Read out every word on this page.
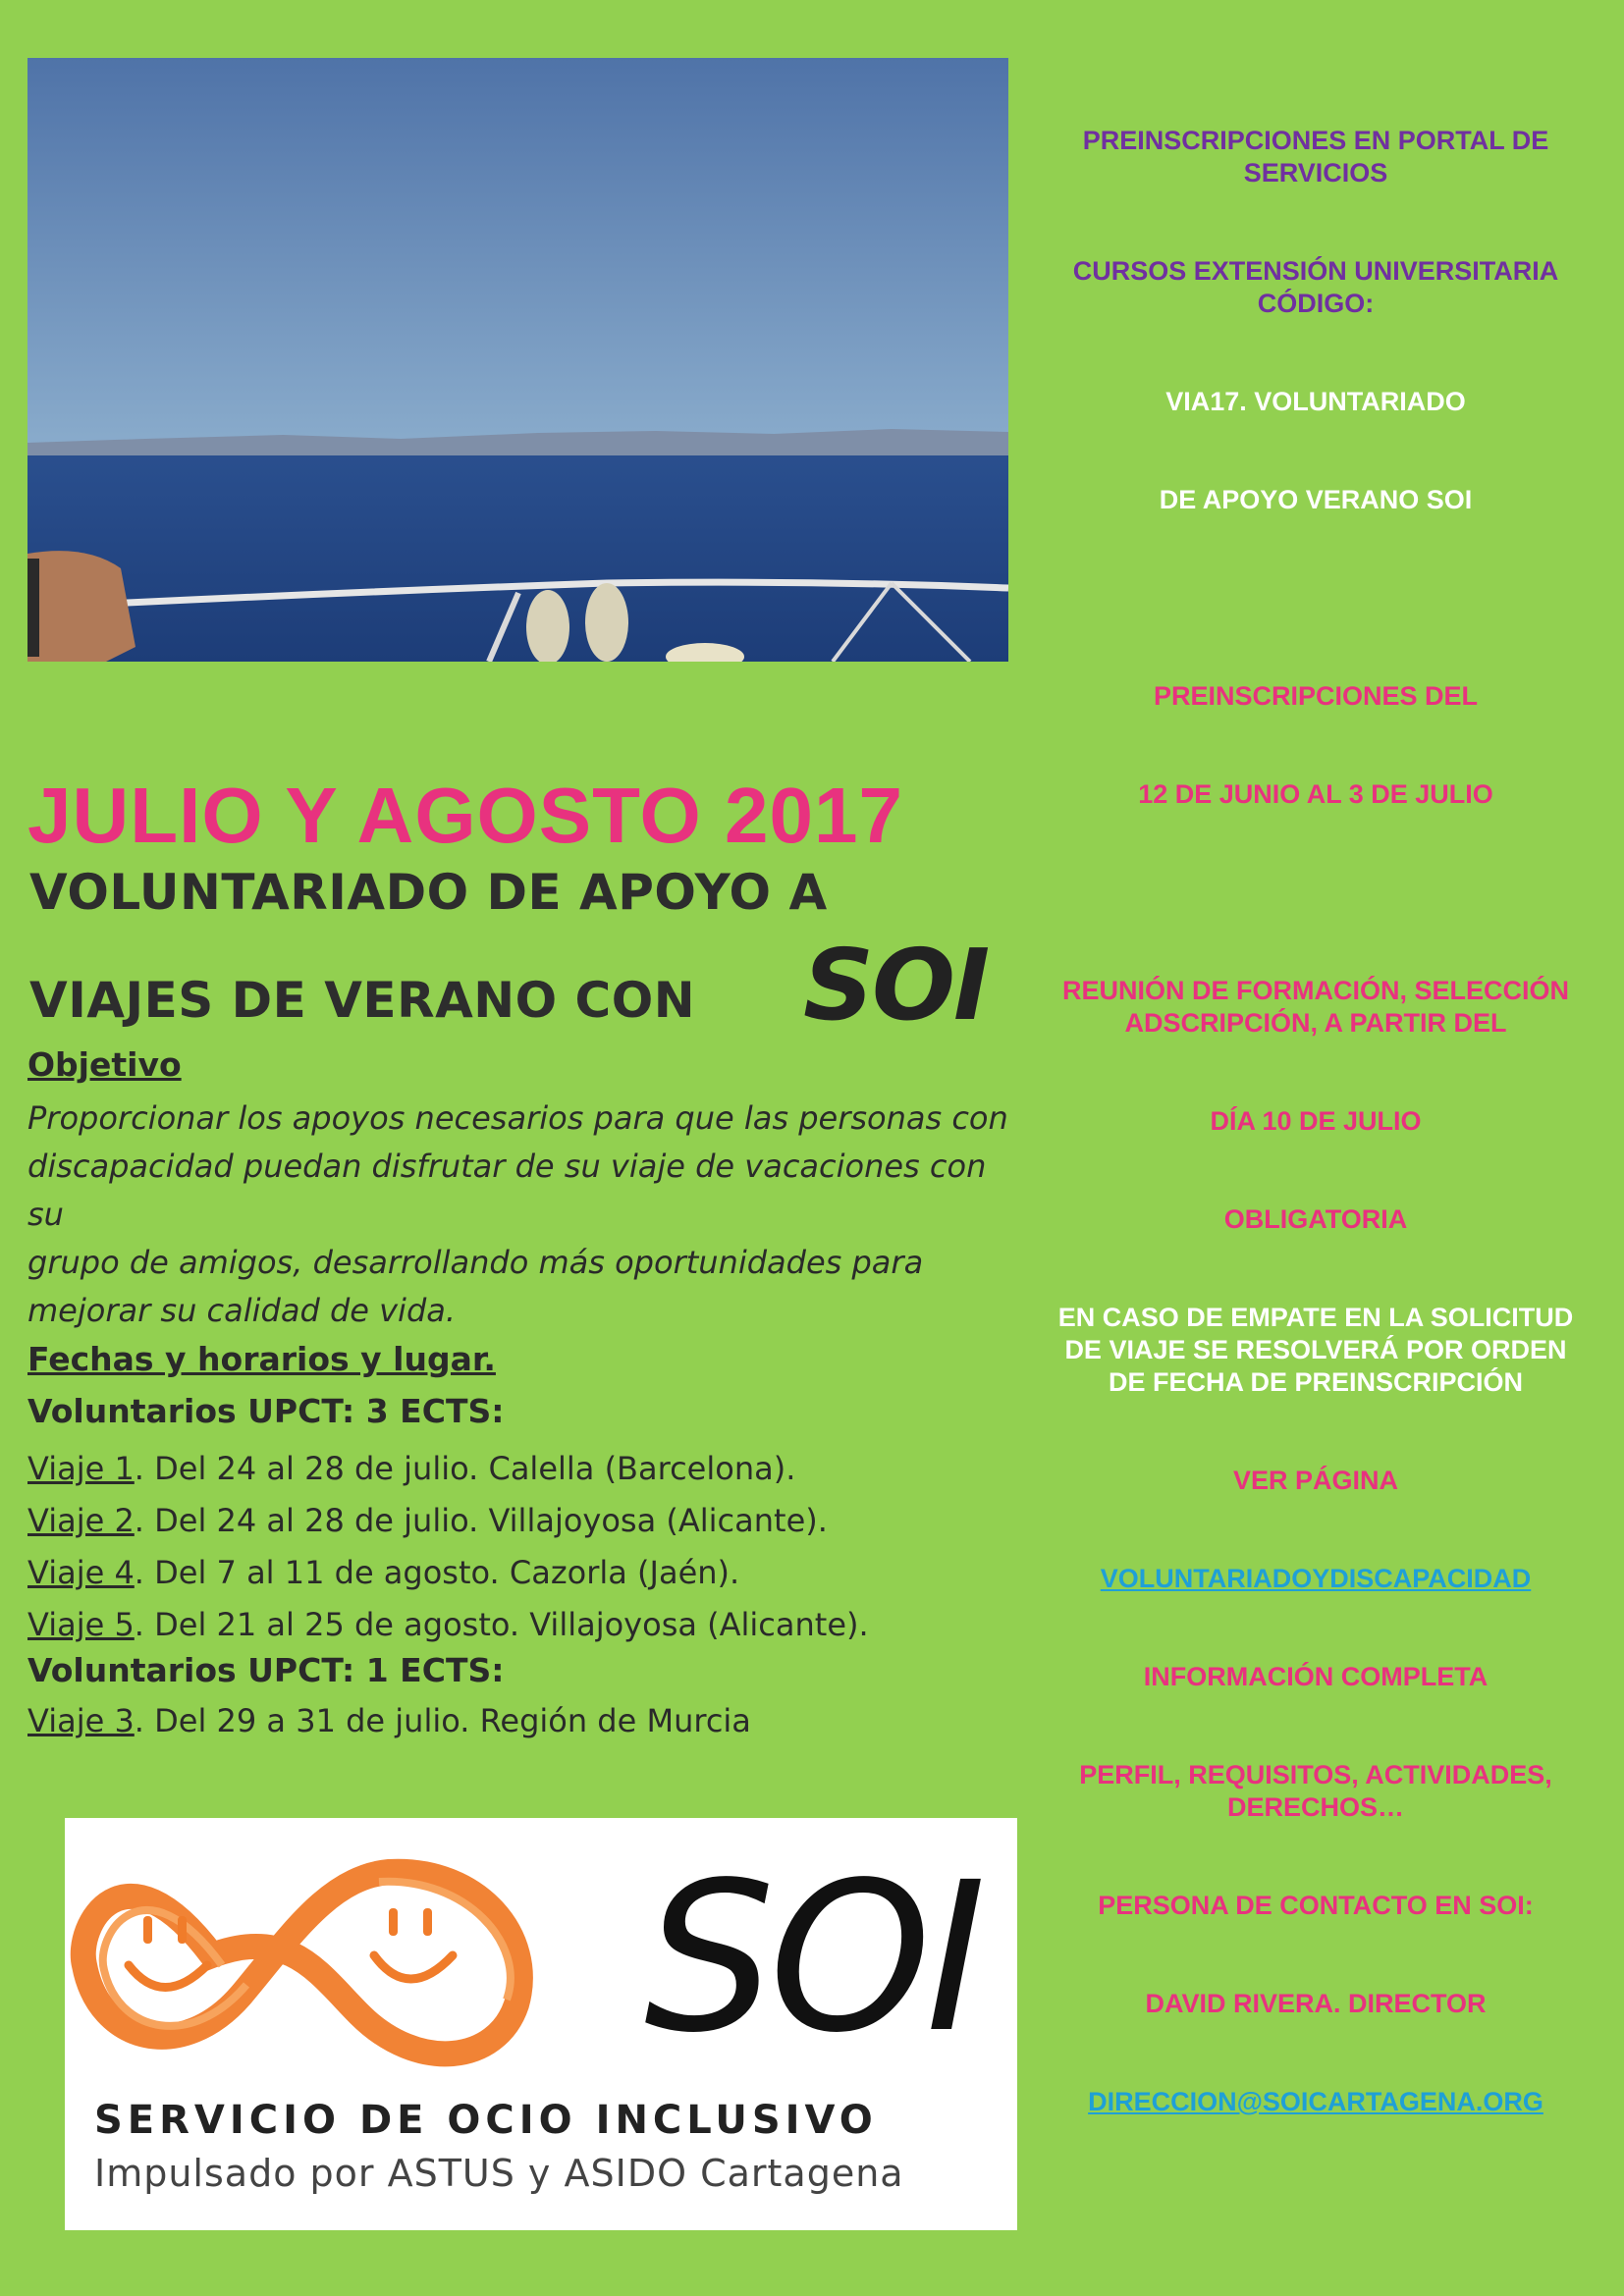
JULIO Y AGOSTO 2017
VOLUNTARIADO DE APOYO A
VIAJES DE VERANO CON SOI
Objetivo
Proporcionar los apoyos necesarios para que las personas con
discapacidad puedan disfrutar de su viaje de vacaciones con su
grupo de amigos, desarrollando más oportunidades para
mejorar su calidad de vida.
Fechas y horarios y lugar.
Voluntarios UPCT: 3 ECTS:
Viaje 1. Del 24 al 28 de julio. Calella (Barcelona).
Viaje 2. Del 24 al 28 de julio. Villajoyosa (Alicante).
Viaje 4. Del 7 al 11 de agosto. Cazorla (Jaén).
Viaje 5. Del 21 al 25 de agosto. Villajoyosa (Alicante).
Voluntarios UPCT: 1 ECTS:
Viaje 3. Del 29 a 31 de julio. Región de Murcia
SOI
SERVICIO DE OCIO INCLUSIVO
Impulsado por ASTUS y ASIDO Cartagena
PREINSCRIPCIONES EN PORTAL DE
SERVICIOS
CURSOS EXTENSIÓN UNIVERSITARIA
CÓDIGO:
VIA17. VOLUNTARIADO
DE APOYO VERANO SOI
PREINSCRIPCIONES DEL
12 DE JUNIO AL 3 DE JULIO
REUNIÓN DE FORMACIÓN, SELECCIÓN
ADSCRIPCIÓN, A PARTIR DEL
DÍA 10 DE JULIO
OBLIGATORIA
EN CASO DE EMPATE EN LA SOLICITUD
DE VIAJE SE RESOLVERÁ POR ORDEN
DE FECHA DE PREINSCRIPCIÓN
VER PÁGINA
VOLUNTARIADOYDISCAPACIDAD
INFORMACIÓN COMPLETA
PERFIL, REQUISITOS, ACTIVIDADES,
DERECHOS…
PERSONA DE CONTACTO EN SOI:
DAVID RIVERA. DIRECTOR
DIRECCION@SOICARTAGENA.ORG
